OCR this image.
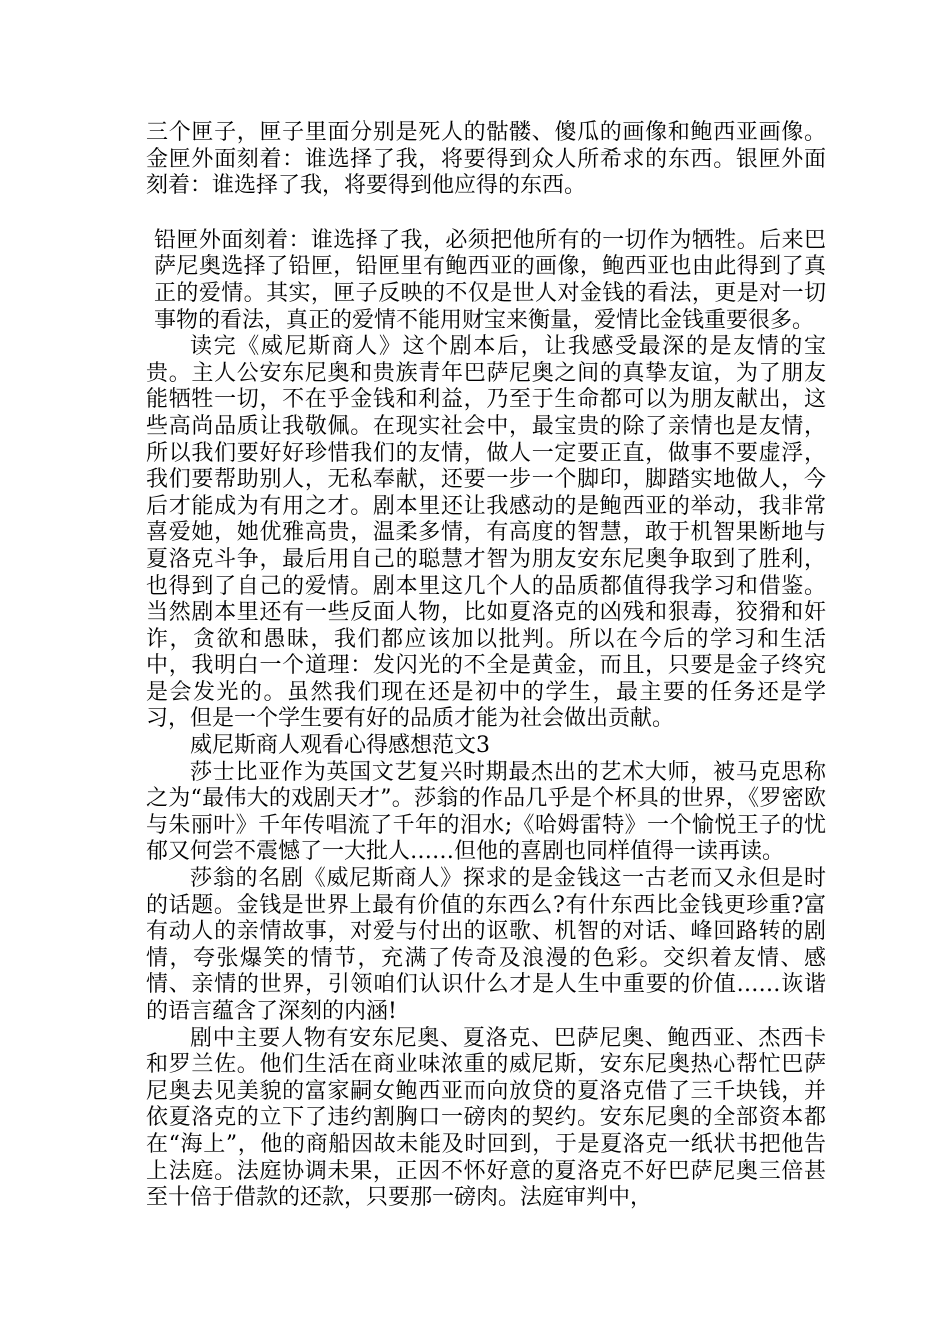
三个匣子，匣子里面分别是死人的骷髅、傻瓜的画像和鲍西亚画像。金匣外面刻着：谁选择了我，将要得到众人所希求的东西。银匣外面刻着：谁选择了我，将要得到他应得的东西。

铅匣外面刻着：谁选择了我，必须把他所有的一切作为牺牲。后来巴萨尼奥选择了铅匣，铅匣里有鲍西亚的画像，鲍西亚也由此得到了真正的爱情。其实，匣子反映的不仅是世人对金钱的看法，更是对一切事物的看法，真正的爱情不能用财宝来衡量，爱情比金钱重要很多。

读完《威尼斯商人》这个剧本后，让我感受最深的是友情的宝贵。主人公安东尼奥和贵族青年巴萨尼奥之间的真挚友谊，为了朋友能牺牲一切，不在乎金钱和利益，乃至于生命都可以为朋友献出，这些高尚品质让我敬佩。在现实社会中，最宝贵的除了亲情也是友情，所以我们要好好珍惜我们的友情，做人一定要正直，做事不要虚浮，我们要帮助别人，无私奉献，还要一步一个脚印，脚踏实地做人，今后才能成为有用之才。剧本里还让我感动的是鲍西亚的举动，我非常喜爱她，她优雅高贵，温柔多情，有高度的智慧，敢于机智果断地与夏洛克斗争，最后用自己的聪慧才智为朋友安东尼奥争取到了胜利，也得到了自己的爱情。剧本里这几个人的品质都值得我学习和借鉴。当然剧本里还有一些反面人物，比如夏洛克的凶残和狠毒，狡猾和奸诈，贪欲和愚昧，我们都应该加以批判。所以在今后的学习和生活中，我明白一个道理：发闪光的不全是黄金，而且，只要是金子终究是会发光的。虽然我们现在还是初中的学生，最主要的任务还是学习，但是一个学生要有好的品质才能为社会做出贡献。

威尼斯商人观看心得感想范文3

莎士比亚作为英国文艺复兴时期最杰出的艺术大师，被马克思称之为“最伟大的戏剧天才”。莎翁的作品几乎是个杯具的世界，《罗密欧与朱丽叶》千年传唱流了千年的泪水;《哈姆雷特》一个愉悦王子的忧郁又何尝不震憾了一大批人……但他的喜剧也同样值得一读再读。

莎翁的名剧《威尼斯商人》探求的是金钱这一古老而又永但是时的话题。金钱是世界上最有价值的东西么?有什东西比金钱更珍重?富有动人的亲情故事，对爱与付出的讴歌、机智的对话、峰回路转的剧情，夸张爆笑的情节，充满了传奇及浪漫的色彩。交织着友情、感情、亲情的世界，引领咱们认识什么才是人生中重要的价值……诙谐的语言蕴含了深刻的内涵!

剧中主要人物有安东尼奥、夏洛克、巴萨尼奥、鲍西亚、杰西卡和罗兰佐。他们生活在商业味浓重的威尼斯，安东尼奥热心帮忙巴萨尼奥去见美貌的富家嗣女鲍西亚而向放贷的夏洛克借了三千块钱，并依夏洛克的立下了违约割胸口一磅肉的契约。安东尼奥的全部资本都在“海上”，他的商船因故未能及时回到，于是夏洛克一纸状书把他告上法庭。法庭协调未果，正因不怀好意的夏洛克不好巴萨尼奥三倍甚至十倍于借款的还款，只要那一磅肉。法庭审判中，
